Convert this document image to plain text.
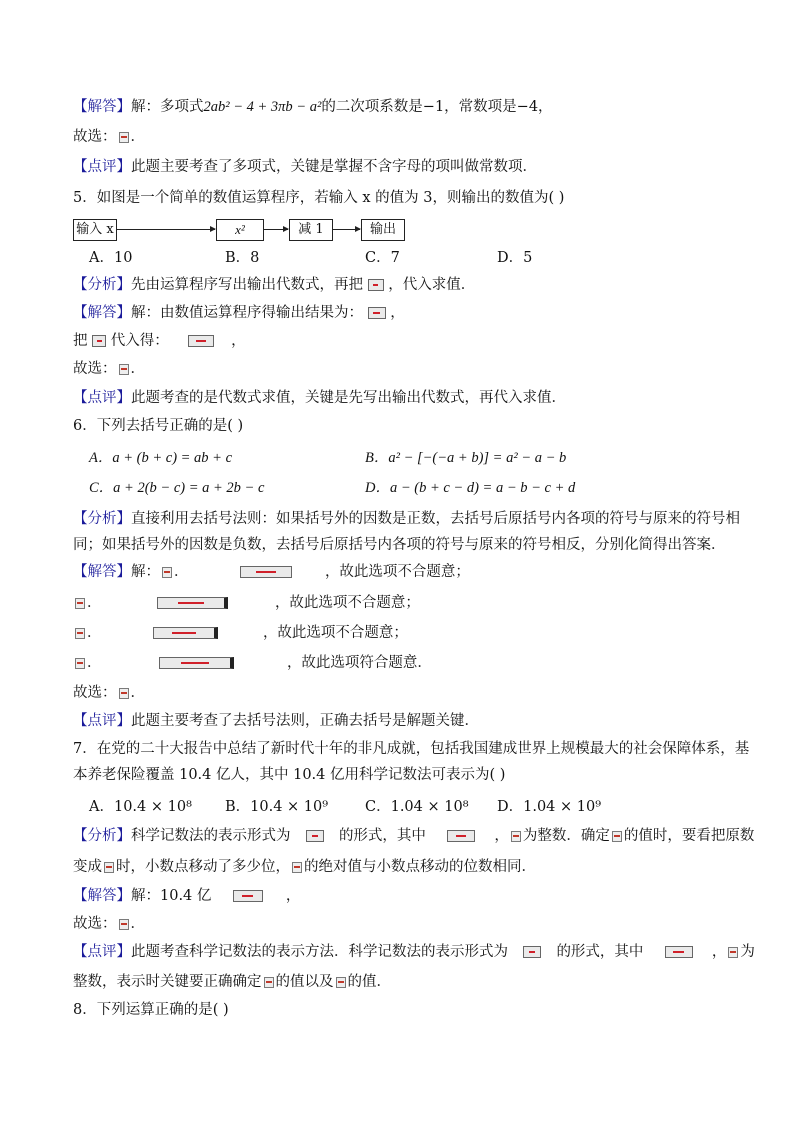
【解答】解：多项式2ab² − 4 + 3πb − a²的二次项系数是−1，常数项是−4，
故选： ．
【点评】此题主要考查了多项式，关键是掌握不含字母的项叫做常数项．
5．如图是一个简单的数值运算程序，若输入 x 的值为 3，则输出的数值为( )
输入 x	x²	减 1	输出
A．10	B．8	C．7	D．5
【分析】先由运算程序写出输出代数式，再把 ，代入求值．
【解答】解：由数值运算程序得输出结果为： ，
把 代入得：	，
故选： ．
【点评】此题考查的是代数式求值，关键是先写出输出代数式，再代入求值．
6．下列去括号正确的是( )
A．a + (b + c) = ab + c	B．a² − [−(−a + b)] = a² − a − b
C．a + 2(b − c) = a + 2b − c	D．a − (b + c − d) = a − b − c + d
【分析】直接利用去括号法则：如果括号外的因数是正数，去括号后原括号内各项的符号与原来的符号相
同；如果括号外的因数是负数，去括号后原括号内各项的符号与原来的符号相反，分别化简得出答案．
【解答】解： ．	，故此选项不合题意；
．	，故此选项不合题意；
．	，故此选项不合题意；
．	，故此选项符合题意．
故选： ．
【点评】此题主要考查了去括号法则，正确去括号是解题关键．
7．在党的二十大报告中总结了新时代十年的非凡成就，包括我国建成世界上规模最大的社会保障体系，基
本养老保险覆盖 10.4 亿人，其中 10.4 亿用科学记数法可表示为( )
A．10.4 × 10⁸ B．10.4 × 10⁹	C．1.04 × 10⁸ D．1.04 × 10⁹
【分析】科学记数法的表示形式为	的形式，其中	， 为整数．确定 的值时，要看把原数
变成 时，小数点移动了多少位， 的绝对值与小数点移动的位数相同．
【解答】解：10.4 亿	，
故选： ．
【点评】此题考查科学记数法的表示方法．科学记数法的表示形式为	的形式，其中	， 为
整数，表示时关键要正确确定 的值以及 的值．
8．下列运算正确的是( )
